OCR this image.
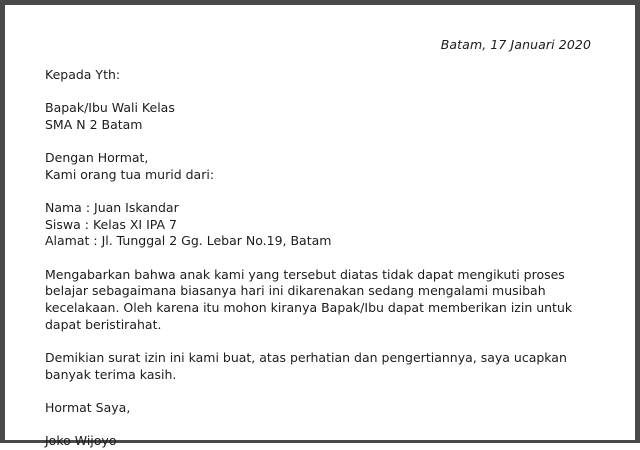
Batam, 17 Januari 2020
Kepada Yth:
Bapak/Ibu Wali Kelas
SMA N 2 Batam
Dengan Hormat,
Kami orang tua murid dari:
Nama : Juan Iskandar
Siswa : Kelas XI IPA 7
Alamat : Jl. Tunggal 2 Gg. Lebar No.19, Batam
Mengabarkan bahwa anak kami yang tersebut diatas tidak dapat mengikuti proses
belajar sebagaimana biasanya hari ini dikarenakan sedang mengalami musibah
kecelakaan. Oleh karena itu mohon kiranya Bapak/Ibu dapat memberikan izin untuk
dapat beristirahat.
Demikian surat izin ini kami buat, atas perhatian dan pengertiannya, saya ucapkan
banyak terima kasih.
Hormat Saya,
Joko Wijoyo
